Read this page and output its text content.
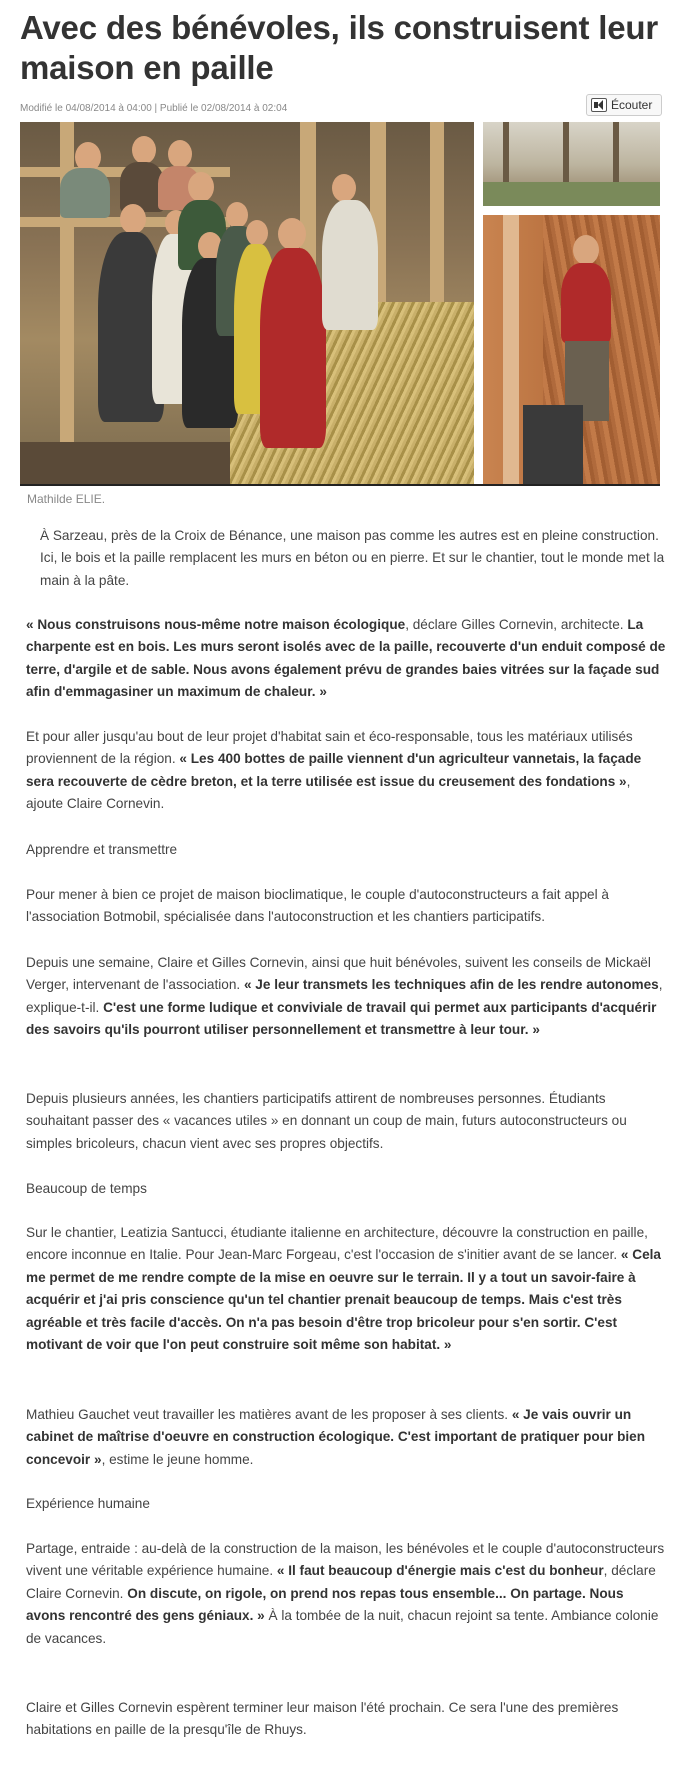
Avec des bénévoles, ils construisent leur maison en paille
Modifié le 04/08/2014 à 04:00 | Publié le 02/08/2014 à 02:04	Écouter
Mathilde ELIE.

À Sarzeau, près de la Croix de Bénance, une maison pas comme les autres est en pleine construction. Ici, le bois et la paille remplacent les murs en béton ou en pierre. Et sur le chantier, tout le monde met la main à la pâte.

« Nous construisons nous-même notre maison écologique, déclare Gilles Cornevin, architecte. La charpente est en bois. Les murs seront isolés avec de la paille, recouverte d'un enduit composé de terre, d'argile et de sable. Nous avons également prévu de grandes baies vitrées sur la façade sud afin d'emmagasiner un maximum de chaleur. »

Et pour aller jusqu'au bout de leur projet d'habitat sain et éco-responsable, tous les matériaux utilisés proviennent de la région. « Les 400 bottes de paille viennent d'un agriculteur vannetais, la façade sera recouverte de cèdre breton, et la terre utilisée est issue du creusement des fondations », ajoute Claire Cornevin.

Apprendre et transmettre

Pour mener à bien ce projet de maison bioclimatique, le couple d'autoconstructeurs a fait appel à l'association Botmobil, spécialisée dans l'autoconstruction et les chantiers participatifs.

Depuis une semaine, Claire et Gilles Cornevin, ainsi que huit bénévoles, suivent les conseils de Mickaël Verger, intervenant de l'association. « Je leur transmets les techniques afin de les rendre autonomes, explique-t-il. C'est une forme ludique et conviviale de travail qui permet aux participants d'acquérir des savoirs qu'ils pourront utiliser personnellement et transmettre à leur tour. »

Depuis plusieurs années, les chantiers participatifs attirent de nombreuses personnes. Étudiants souhaitant passer des « vacances utiles » en donnant un coup de main, futurs autoconstructeurs ou simples bricoleurs, chacun vient avec ses propres objectifs.

Beaucoup de temps

Sur le chantier, Leatizia Santucci, étudiante italienne en architecture, découvre la construction en paille, encore inconnue en Italie. Pour Jean-Marc Forgeau, c'est l'occasion de s'initier avant de se lancer. « Cela me permet de me rendre compte de la mise en oeuvre sur le terrain. Il y a tout un savoir-faire à acquérir et j'ai pris conscience qu'un tel chantier prenait beaucoup de temps. Mais c'est très agréable et très facile d'accès. On n'a pas besoin d'être trop bricoleur pour s'en sortir. C'est motivant de voir que l'on peut construire soit même son habitat. »

Mathieu Gauchet veut travailler les matières avant de les proposer à ses clients. « Je vais ouvrir un cabinet de maîtrise d'oeuvre en construction écologique. C'est important de pratiquer pour bien concevoir », estime le jeune homme.

Expérience humaine

Partage, entraide : au-delà de la construction de la maison, les bénévoles et le couple d'autoconstructeurs vivent une véritable expérience humaine. « Il faut beaucoup d'énergie mais c'est du bonheur, déclare Claire Cornevin. On discute, on rigole, on prend nos repas tous ensemble... On partage. Nous avons rencontré des gens géniaux. » À la tombée de la nuit, chacun rejoint sa tente. Ambiance colonie de vacances.

Claire et Gilles Cornevin espèrent terminer leur maison l'été prochain. Ce sera l'une des premières habitations en paille de la presqu'île de Rhuys.
